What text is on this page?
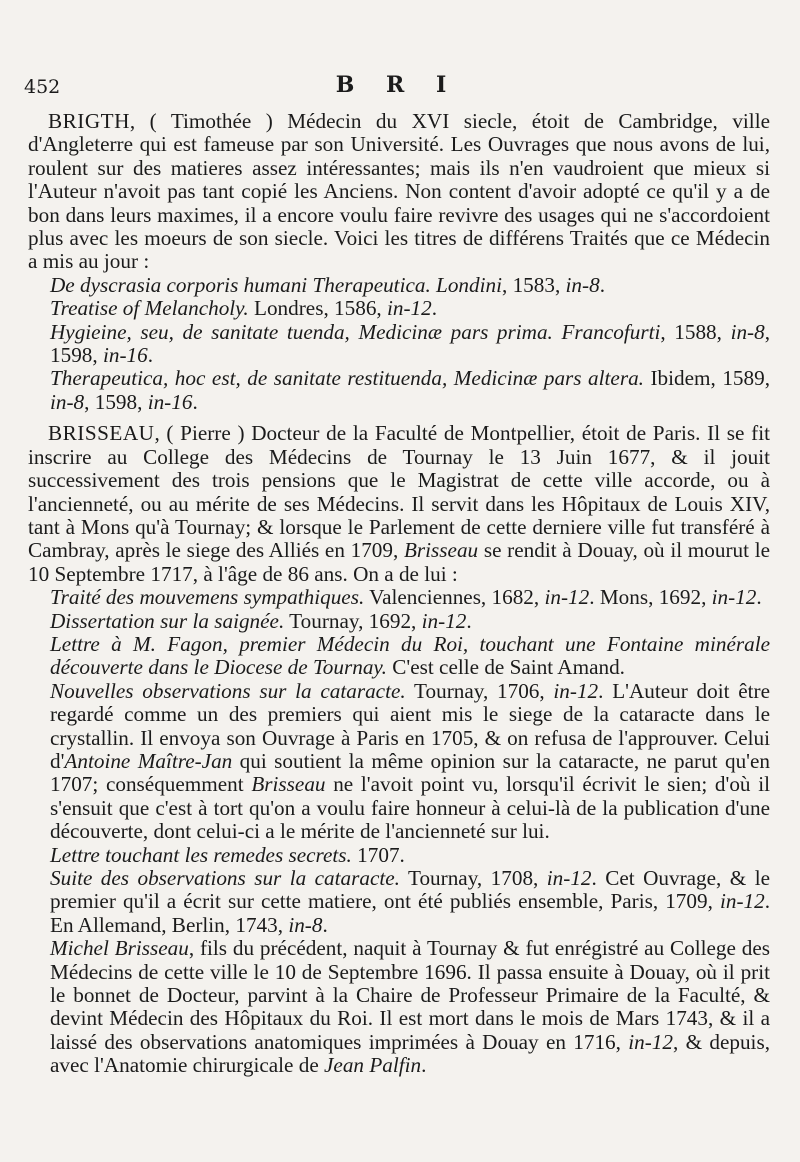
452	B R I

BRIGTH, ( Timothée ) Médecin du XVI siecle, étoit de Cambridge, ville d'Angleterre qui est fameuse par son Université. Les Ouvrages que nous avons de lui, roulent sur des matieres assez intéressantes; mais ils n'en vaudroient que mieux si l'Auteur n'avoit pas tant copié les Anciens. Non content d'avoir adopté ce qu'il y a de bon dans leurs maximes, il a encore voulu faire revivre des usages qui ne s'accordoient plus avec les moeurs de son siecle. Voici les titres de différens Traités que ce Médecin a mis au jour :

De dyscrasia corporis humani Therapeutica. Londini, 1583, in-8.

Treatise of Melancholy. Londres, 1586, in-12.

Hygieine, seu, de sanitate tuenda, Medicinæ pars prima. Francofurti, 1588, in-8, 1598, in-16.

Therapeutica, hoc est, de sanitate restituenda, Medicinæ pars altera. Ibidem, 1589, in-8, 1598, in-16.

BRISSEAU, ( Pierre ) Docteur de la Faculté de Montpellier, étoit de Paris. Il se fit inscrire au College des Médecins de Tournay le 13 Juin 1677, & il jouit successivement des trois pensions que le Magistrat de cette ville accorde, ou à l'ancienneté, ou au mérite de ses Médecins. Il servit dans les Hôpitaux de Louis XIV, tant à Mons qu'à Tournay; & lorsque le Parlement de cette derniere ville fut transféré à Cambray, après le siege des Alliés en 1709, Brisseau se rendit à Douay, où il mourut le 10 Septembre 1717, à l'âge de 86 ans. On a de lui :

Traité des mouvemens sympathiques. Valenciennes, 1682, in-12. Mons, 1692, in-12.

Dissertation sur la saignée. Tournay, 1692, in-12.

Lettre à M. Fagon, premier Médecin du Roi, touchant une Fontaine minérale découverte dans le Diocese de Tournay. C'est celle de Saint Amand.

Nouvelles observations sur la cataracte. Tournay, 1706, in-12. L'Auteur doit être regardé comme un des premiers qui aient mis le siege de la cataracte dans le crystallin. Il envoya son Ouvrage à Paris en 1705, & on refusa de l'approuver. Celui d'Antoine Maître-Jan qui soutient la même opinion sur la cataracte, ne parut qu'en 1707; conséquemment Brisseau ne l'avoit point vu, lorsqu'il écrivit le sien; d'où il s'ensuit que c'est à tort qu'on a voulu faire honneur à celui-là de la publication d'une découverte, dont celui-ci a le mérite de l'ancienneté sur lui.

Lettre touchant les remedes secrets. 1707.

Suite des observations sur la cataracte. Tournay, 1708, in-12. Cet Ouvrage, & le premier qu'il a écrit sur cette matiere, ont été publiés ensemble, Paris, 1709, in-12. En Allemand, Berlin, 1743, in-8.

Michel Brisseau, fils du précédent, naquit à Tournay & fut enrégistré au College des Médecins de cette ville le 10 de Septembre 1696. Il passa ensuite à Douay, où il prit le bonnet de Docteur, parvint à la Chaire de Professeur Primaire de la Faculté, & devint Médecin des Hôpitaux du Roi. Il est mort dans le mois de Mars 1743, & il a laissé des observations anatomiques imprimées à Douay en 1716, in-12, & depuis, avec l'Anatomie chirurgicale de Jean Palfin.
